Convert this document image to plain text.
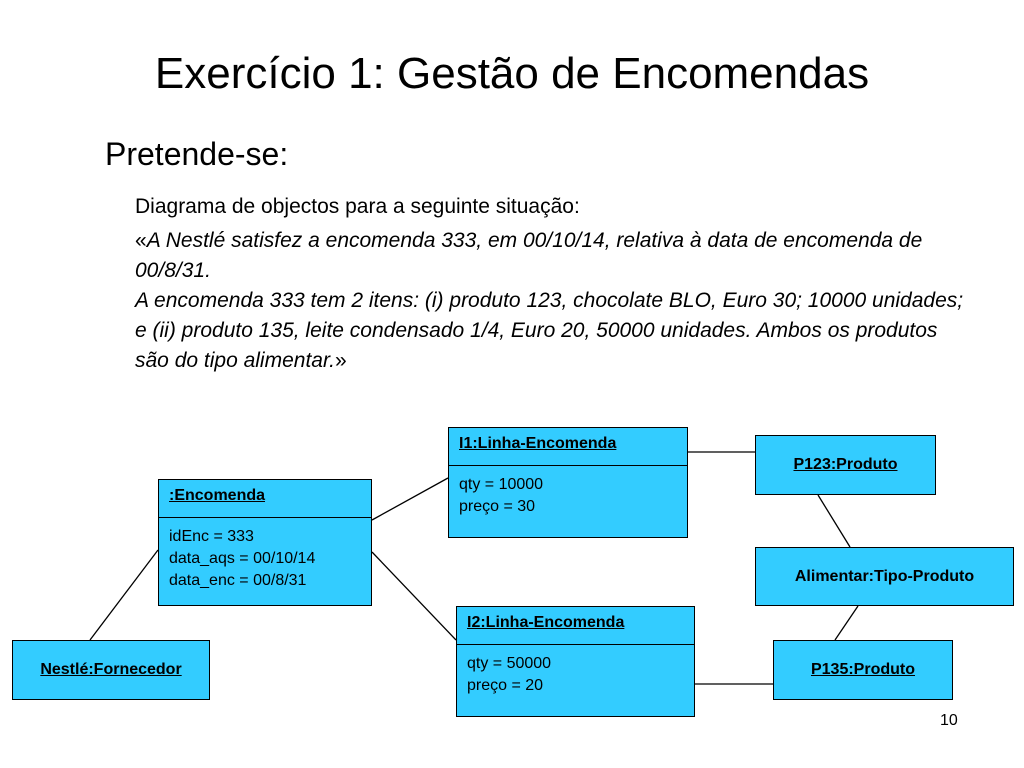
Exercício 1: Gestão de Encomendas
Pretende-se:
Diagrama de objectos para a seguinte situação:
«A Nestlé satisfez a encomenda 333, em 00/10/14, relativa à data de encomenda de 00/8/31.
A encomenda 333 tem 2 itens: (i) produto 123, chocolate BLO, Euro 30; 10000 unidades; e (ii) produto 135, leite condensado 1/4, Euro 20, 50000 unidades. Ambos os produtos são do tipo alimentar.»
:Encomenda
idEnc = 333
data_aqs = 00/10/14
data_enc = 00/8/31
I1:Linha-Encomenda
qty = 10000
preço = 30
I2:Linha-Encomenda
qty = 50000
preço = 20
Nestlé:Fornecedor
P123:Produto
P135:Produto
Alimentar:Tipo-Produto
10
